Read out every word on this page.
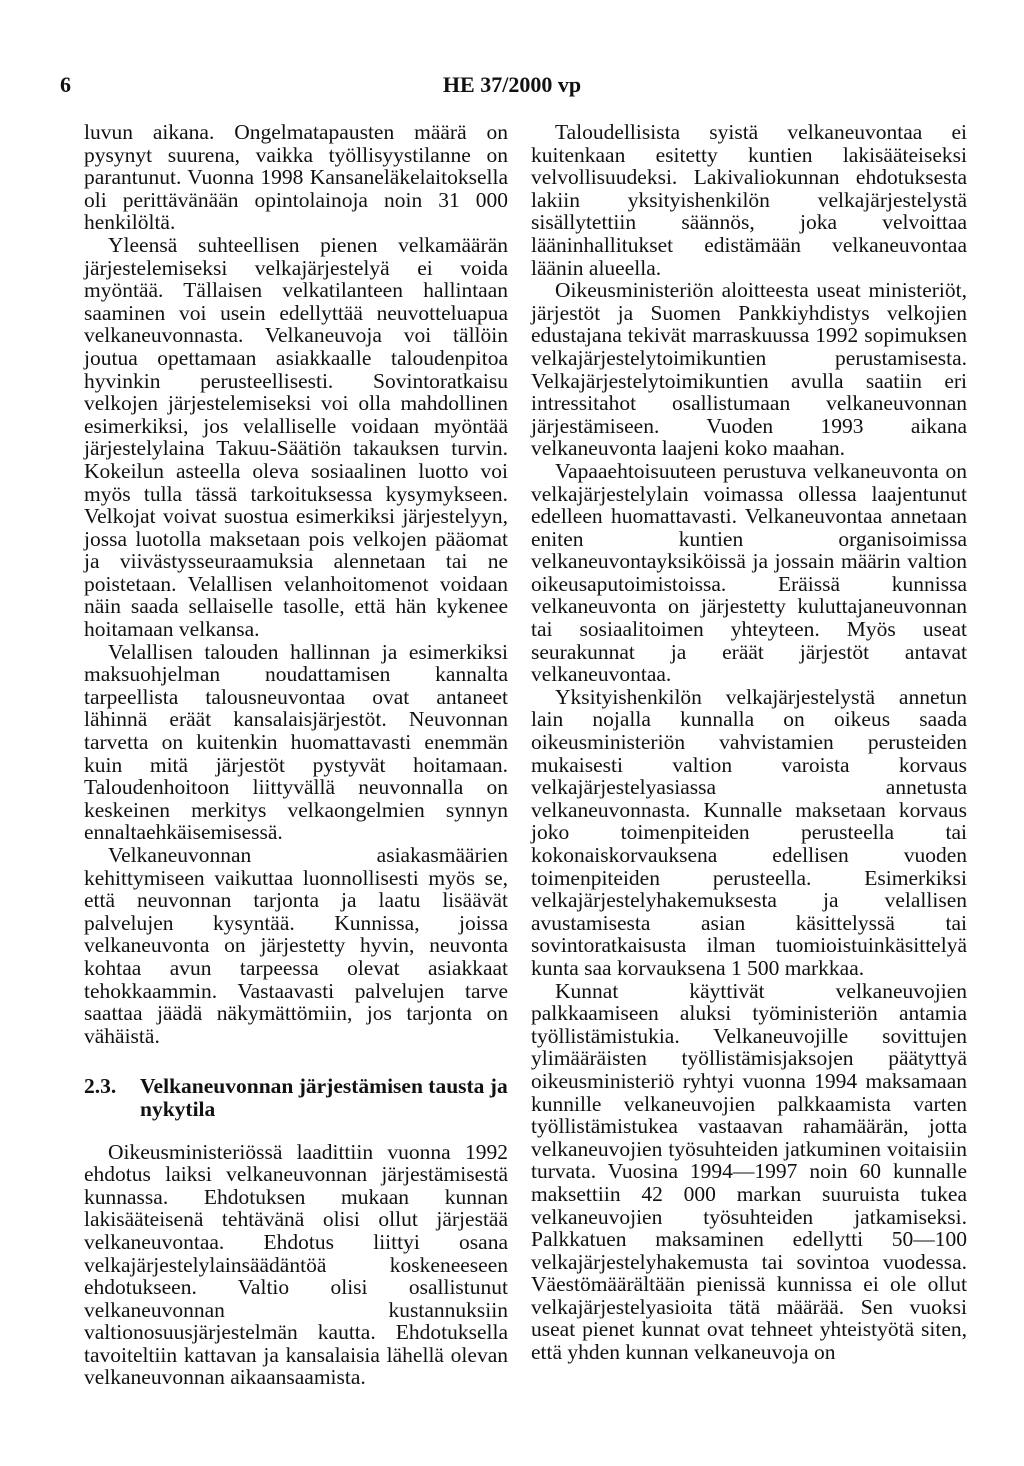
6	HE 37/2000 vp

luvun aikana. Ongelmatapausten määrä on pysynyt suurena, vaikka työllisyystilanne on parantunut. Vuonna 1998 Kansaneläkelaitoksella oli perittävänään opintolainoja noin 31 000 henkilöltä.

Yleensä suhteellisen pienen velkamäärän järjestelemiseksi velkajärjestelyä ei voida myöntää. Tällaisen velkatilanteen hallintaan saaminen voi usein edellyttää neuvotteluapua velkaneuvonnasta. Velkaneuvoja voi tällöin joutua opettamaan asiakkaalle taloudenpitoa hyvinkin perusteellisesti. Sovintoratkaisu velkojen järjestelemiseksi voi olla mahdollinen esimerkiksi, jos velalliselle voidaan myöntää järjestelylaina Takuu-Säätiön takauksen turvin. Kokeilun asteella oleva sosiaalinen luotto voi myös tulla tässä tarkoituksessa kysymykseen. Velkojat voivat suostua esimerkiksi järjestelyyn, jossa luotolla maksetaan pois velkojen pääomat ja viivästysseuraamuksia alennetaan tai ne poistetaan. Velallisen velanhoitomenot voidaan näin saada sellaiselle tasolle, että hän kykenee hoitamaan velkansa.

Velallisen talouden hallinnan ja esimerkiksi maksuohjelman noudattamisen kannalta tarpeellista talousneuvontaa ovat antaneet lähinnä eräät kansalaisjärjestöt. Neuvonnan tarvetta on kuitenkin huomattavasti enemmän kuin mitä järjestöt pystyvät hoitamaan. Taloudenhoitoon liittyvällä neuvonnalla on keskeinen merkitys velkaongelmien synnyn ennaltaehkäisemisessä.

Velkaneuvonnan asiakasmäärien kehittymiseen vaikuttaa luonnollisesti myös se, että neuvonnan tarjonta ja laatu lisäävät palvelujen kysyntää. Kunnissa, joissa velkaneuvonta on järjestetty hyvin, neuvonta kohtaa avun tarpeessa olevat asiakkaat tehokkaammin. Vastaavasti palvelujen tarve saattaa jäädä näkymättömiin, jos tarjonta on vähäistä.

2.3.	Velkaneuvonnan järjestämisen tausta ja nykytila

Oikeusministeriössä laadittiin vuonna 1992 ehdotus laiksi velkaneuvonnan järjestämisestä kunnassa. Ehdotuksen mukaan kunnan lakisääteisenä tehtävänä olisi ollut järjestää velkaneuvontaa. Ehdotus liittyi osana velkajärjestelylainsäädäntöä koskeneeseen ehdotukseen. Valtio olisi osallistunut velkaneuvonnan kustannuksiin valtionosuusjärjestelmän kautta. Ehdotuksella tavoiteltiin kattavan ja kansalaisia lähellä olevan velkaneuvonnan aikaansaamista.

Taloudellisista syistä velkaneuvontaa ei kuitenkaan esitetty kuntien lakisääteiseksi velvollisuudeksi. Lakivaliokunnan ehdotuksesta lakiin yksityishenkilön velkajärjestelystä sisällytettiin säännös, joka velvoittaa lääninhallitukset edistämään velkaneuvontaa läänin alueella.

Oikeusministeriön aloitteesta useat ministeriöt, järjestöt ja Suomen Pankkiyhdistys velkojien edustajana tekivät marraskuussa 1992 sopimuksen velkajärjestelytoimikuntien perustamisesta. Velkajärjestelytoimikuntien avulla saatiin eri intressitahot osallistumaan velkaneuvonnan järjestämiseen. Vuoden 1993 aikana velkaneuvonta laajeni koko maahan.

Vapaaehtoisuuteen perustuva velkaneuvonta on velkajärjestelylain voimassa ollessa laajentunut edelleen huomattavasti. Velkaneuvontaa annetaan eniten kuntien organisoimissa velkaneuvontayksiköissä ja jossain määrin valtion oikeusaputoimistoissa. Eräissä kunnissa velkaneuvonta on järjestetty kuluttajaneuvonnan tai sosiaalitoimen yhteyteen. Myös useat seurakunnat ja eräät järjestöt antavat velkaneuvontaa.

Yksityishenkilön velkajärjestelystä annetun lain nojalla kunnalla on oikeus saada oikeusministeriön vahvistamien perusteiden mukaisesti valtion varoista korvaus velkajärjestelyasiassa annetusta velkaneuvonnasta. Kunnalle maksetaan korvaus joko toimenpiteiden perusteella tai kokonaiskorvauksena edellisen vuoden toimenpiteiden perusteella. Esimerkiksi velkajärjestelyhakemuksesta ja velallisen avustamisesta asian käsittelyssä tai sovintoratkaisusta ilman tuomioistuinkäsittelyä kunta saa korvauksena 1 500 markkaa.

Kunnat käyttivät velkaneuvojien palkkaamiseen aluksi työministeriön antamia työllistämistukia. Velkaneuvojille sovittujen ylimääräisten työllistämisjaksojen päätyttyä oikeusministeriö ryhtyi vuonna 1994 maksamaan kunnille velkaneuvojien palkkaamista varten työllistämistukea vastaavan rahamäärän, jotta velkaneuvojien työsuhteiden jatkuminen voitaisiin turvata. Vuosina 1994—1997 noin 60 kunnalle maksettiin 42 000 markan suuruista tukea velkaneuvojien työsuhteiden jatkamiseksi. Palkkatuen maksaminen edellytti 50—100 velkajärjestelyhakemusta tai sovintoa vuodessa. Väestömäärältään pienissä kunnissa ei ole ollut velkajärjestelyasioita tätä määrää. Sen vuoksi useat pienet kunnat ovat tehneet yhteistyötä siten, että yhden kunnan velkaneuvoja on
